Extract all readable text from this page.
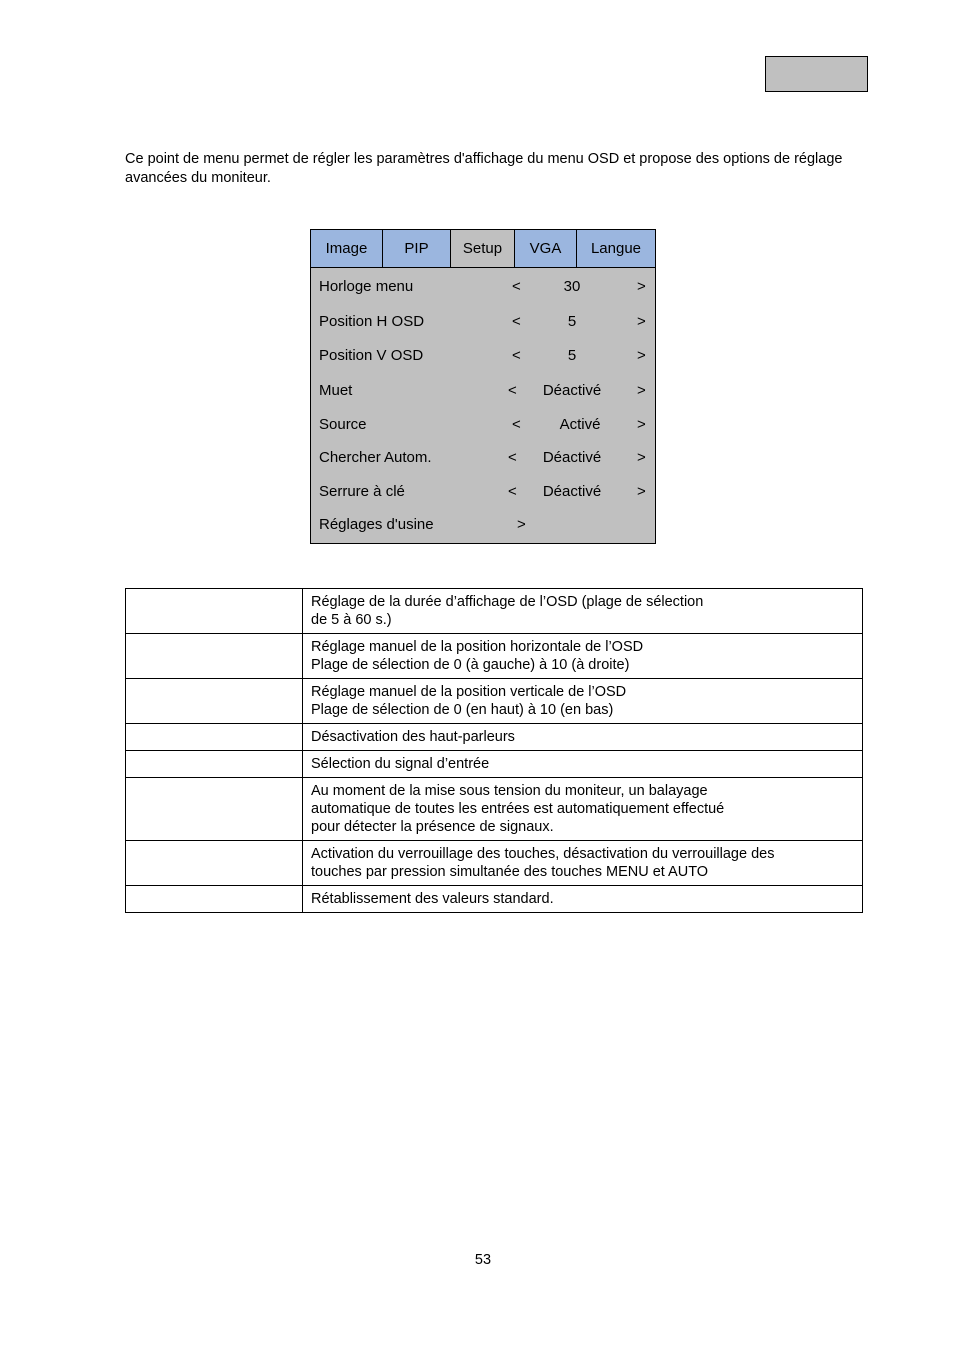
Ce point de menu permet de régler les paramètres d'affichage du menu OSD et propose des options de réglage avancées du moniteur.

Image	PIP	Setup	VGA	Langue
Horloge menu	<	30	>
Position H OSD	<	5	>
Position V OSD	<	5	>
Muet	<	Déactivé	>
Source	<	Activé	>
Chercher Autom.	<	Déactivé	>
Serrure à clé	<	Déactivé	>
Réglages d'usine	>
	Réglage de la durée d’affichage de l’OSD (plage de sélection
de 5 à 60 s.)
	Réglage manuel de la position horizontale de l’OSD
Plage de sélection de 0 (à gauche) à 10 (à droite)
	Réglage manuel de la position verticale de l’OSD
Plage de sélection de 0 (en haut) à 10 (en bas)
	Désactivation des haut-parleurs
	Sélection du signal d’entrée
	Au moment de la mise sous tension du moniteur, un balayage
automatique de toutes les entrées est automatiquement effectué
pour détecter la présence de signaux.
	Activation du verrouillage des touches, désactivation du verrouillage des
touches par pression simultanée des touches MENU et AUTO
	Rétablissement des valeurs standard.
53
